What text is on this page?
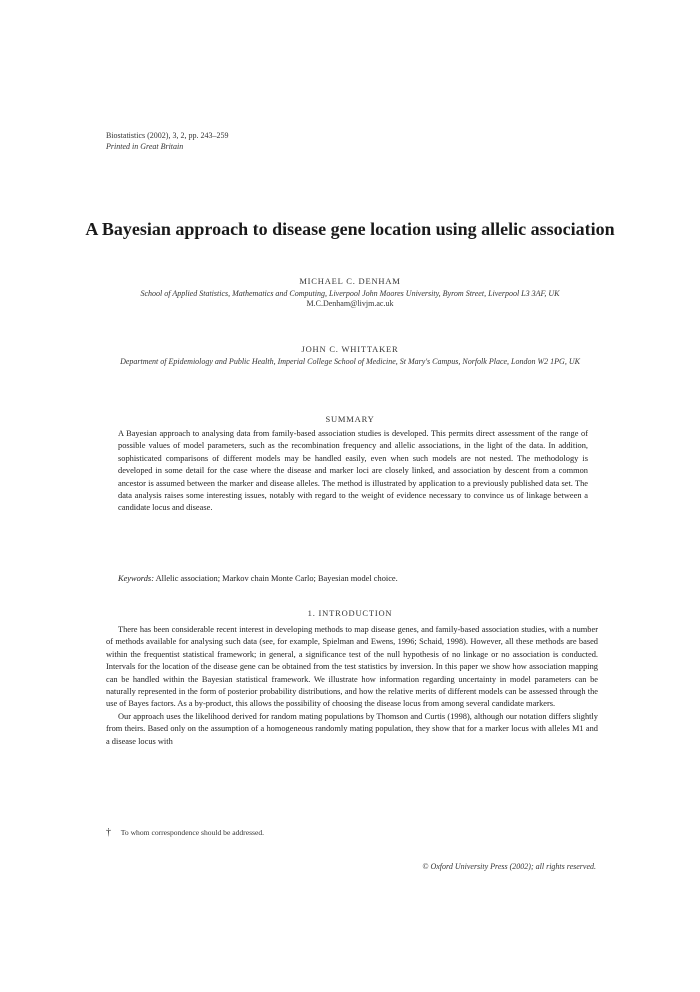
Biostatistics (2002), 3, 2, pp. 243–259
Printed in Great Britain
A Bayesian approach to disease gene location using allelic association
MICHAEL C. DENHAM
School of Applied Statistics, Mathematics and Computing, Liverpool John Moores University, Byrom Street, Liverpool L3 3AF, UK
M.C.Denham@livjm.ac.uk
JOHN C. WHITTAKER
Department of Epidemiology and Public Health, Imperial College School of Medicine, St Mary's Campus, Norfolk Place, London W2 1PG, UK
SUMMARY

A Bayesian approach to analysing data from family-based association studies is developed. This permits direct assessment of the range of possible values of model parameters, such as the recombination frequency and allelic associations, in the light of the data. In addition, sophisticated comparisons of different models may be handled easily, even when such models are not nested. The methodology is developed in some detail for the case where the disease and marker loci are closely linked, and association by descent from a common ancestor is assumed between the marker and disease alleles. The method is illustrated by application to a previously published data set. The data analysis raises some interesting issues, notably with regard to the weight of evidence necessary to convince us of linkage between a candidate locus and disease.

Keywords: Allelic association; Markov chain Monte Carlo; Bayesian model choice.
1. INTRODUCTION

There has been considerable recent interest in developing methods to map disease genes, and family-based association studies, with a number of methods available for analysing such data (see, for example, Spielman and Ewens, 1996; Schaid, 1998). However, all these methods are based within the frequentist statistical framework; in general, a significance test of the null hypothesis of no linkage or no association is conducted. Intervals for the location of the disease gene can be obtained from the test statistics by inversion. In this paper we show how association mapping can be handled within the Bayesian statistical framework. We illustrate how information regarding uncertainty in model parameters can be naturally represented in the form of posterior probability distributions, and how the relative merits of different models can be assessed through the use of Bayes factors. As a by-product, this allows the possibility of choosing the disease locus from among several candidate markers.

Our approach uses the likelihood derived for random mating populations by Thomson and Curtis (1998), although our notation differs slightly from theirs. Based only on the assumption of a homogeneous randomly mating population, they show that for a marker locus with alleles M1 and a disease locus with

† To whom correspondence should be addressed.
© Oxford University Press (2002); all rights reserved.
